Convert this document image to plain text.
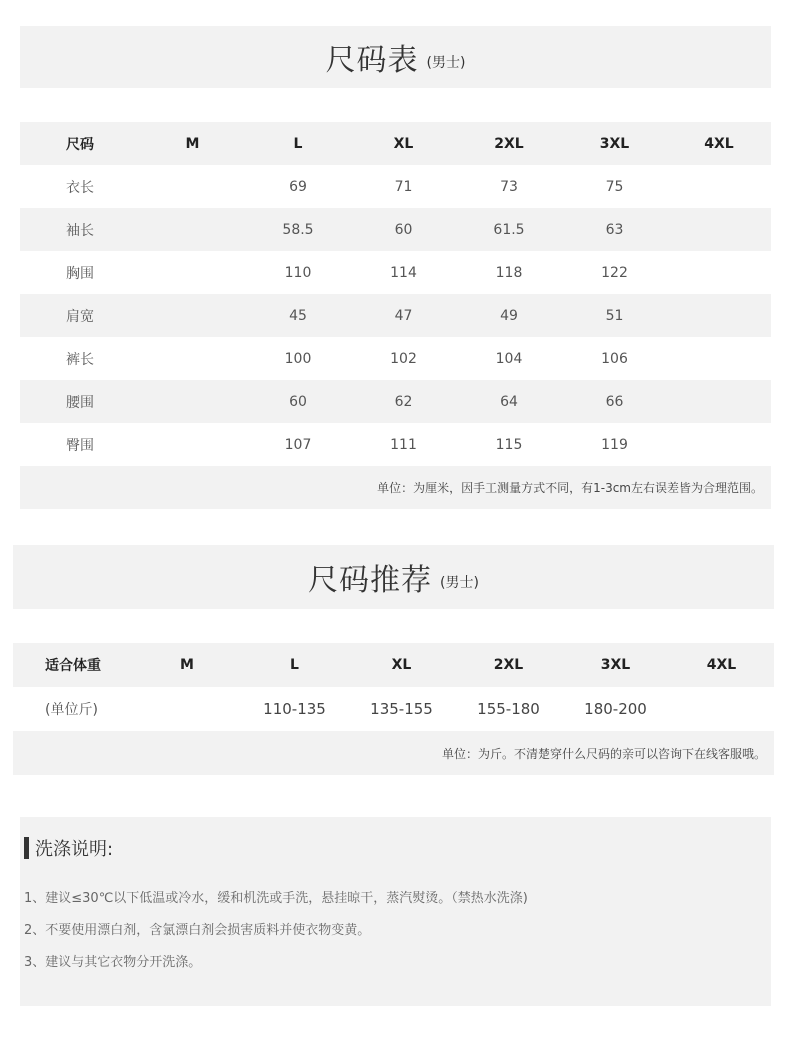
尺码表 (男士)
尺码	M	L	XL	2XL	3XL	4XL
衣长		69	71	73	75	
袖长		58.5	60	61.5	63	
胸围		110	114	118	122	
肩宽		45	47	49	51	
裤长		100	102	104	106	
腰围		60	62	64	66	
臀围		107	111	115	119	
单位：为厘米，因手工测量方式不同，有1-3cm左右误差皆为合理范围。						
尺码推荐 (男士)
适合体重	M	L	XL	2XL	3XL	4XL
(单位斤)		110-135	135-155	155-180	180-200	
单位：为斤。不清楚穿什么尺码的亲可以咨询下在线客服哦。						
洗涤说明:
1、建议≤30℃以下低温或冷水，缓和机洗或手洗，悬挂晾干，蒸汽熨烫。（禁热水洗涤)
2、不要使用漂白剂，含氯漂白剂会损害质料并使衣物变黄。
3、建议与其它衣物分开洗涤。
